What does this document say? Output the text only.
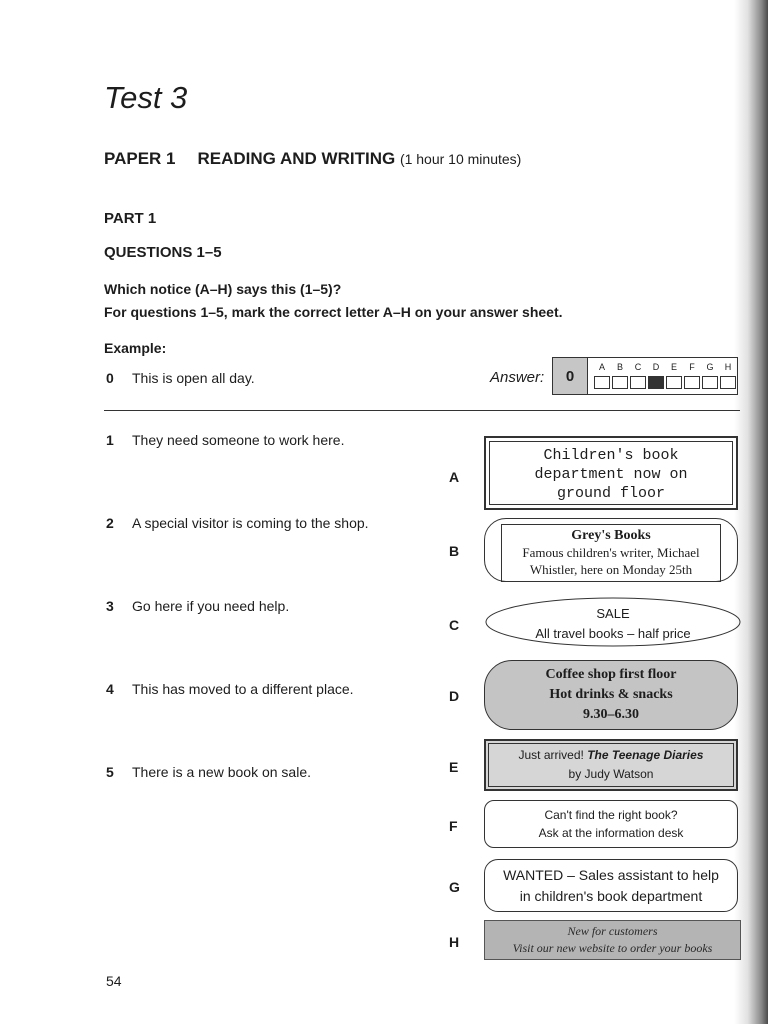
Test 3
PAPER 1 READING AND WRITING (1 hour 10 minutes)
PART 1
QUESTIONS 1–5
Which notice (A–H) says this (1–5)?
For questions 1–5, mark the correct letter A–H on your answer sheet.
Example:
0 This is open all day.	Answer:	0
A B C D E F G H
1 They need someone to work here.
2 A special visitor is coming to the shop.
3 Go here if you need help.
4 This has moved to a different place.
5 There is a new book on sale.
A
B
C
D
E
F
G
H
Children's book
department now on
ground floor
Grey's Books
Famous children's writer, Michael
Whistler, here on Monday 25th
SALE
All travel books – half price
Coffee shop first floor
Hot drinks & snacks
9.30–6.30
Just arrived! The Teenage Diaries
by Judy Watson
Can't find the right book?
Ask at the information desk
WANTED – Sales assistant to help
in children's book department
New for customers
Visit our new website to order your books
54
